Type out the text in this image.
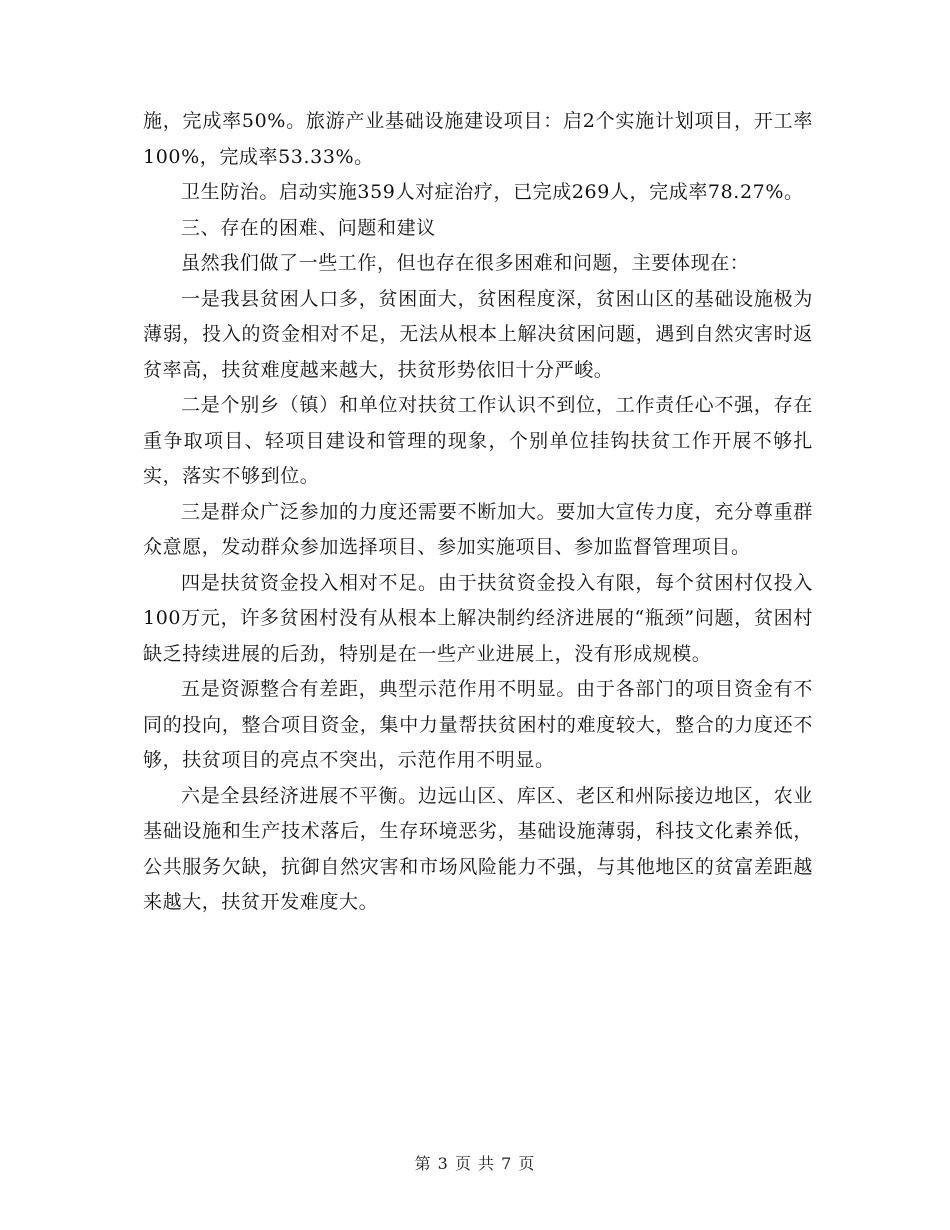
施，完成率50%。旅游产业基础设施建设项目：启2个实施计划项目，开工率100%，完成率53.33%。

卫生防治。启动实施359人对症治疗，已完成269人，完成率78.27%。

三、存在的困难、问题和建议

虽然我们做了一些工作，但也存在很多困难和问题，主要体现在：

一是我县贫困人口多，贫困面大，贫困程度深，贫困山区的基础设施极为薄弱，投入的资金相对不足，无法从根本上解决贫困问题，遇到自然灾害时返贫率高，扶贫难度越来越大，扶贫形势依旧十分严峻。

二是个别乡（镇）和单位对扶贫工作认识不到位，工作责任心不强，存在重争取项目、轻项目建设和管理的现象，个别单位挂钩扶贫工作开展不够扎实，落实不够到位。

三是群众广泛参加的力度还需要不断加大。要加大宣传力度，充分尊重群众意愿，发动群众参加选择项目、参加实施项目、参加监督管理项目。

四是扶贫资金投入相对不足。由于扶贫资金投入有限，每个贫困村仅投入100万元，许多贫困村没有从根本上解决制约经济进展的“瓶颈”问题，贫困村缺乏持续进展的后劲，特别是在一些产业进展上，没有形成规模。

五是资源整合有差距，典型示范作用不明显。由于各部门的项目资金有不同的投向，整合项目资金，集中力量帮扶贫困村的难度较大，整合的力度还不够，扶贫项目的亮点不突出，示范作用不明显。

六是全县经济进展不平衡。边远山区、库区、老区和州际接边地区，农业基础设施和生产技术落后，生存环境恶劣，基础设施薄弱，科技文化素养低，公共服务欠缺，抗御自然灾害和市场风险能力不强，与其他地区的贫富差距越来越大，扶贫开发难度大。

第 3 页 共 7 页
